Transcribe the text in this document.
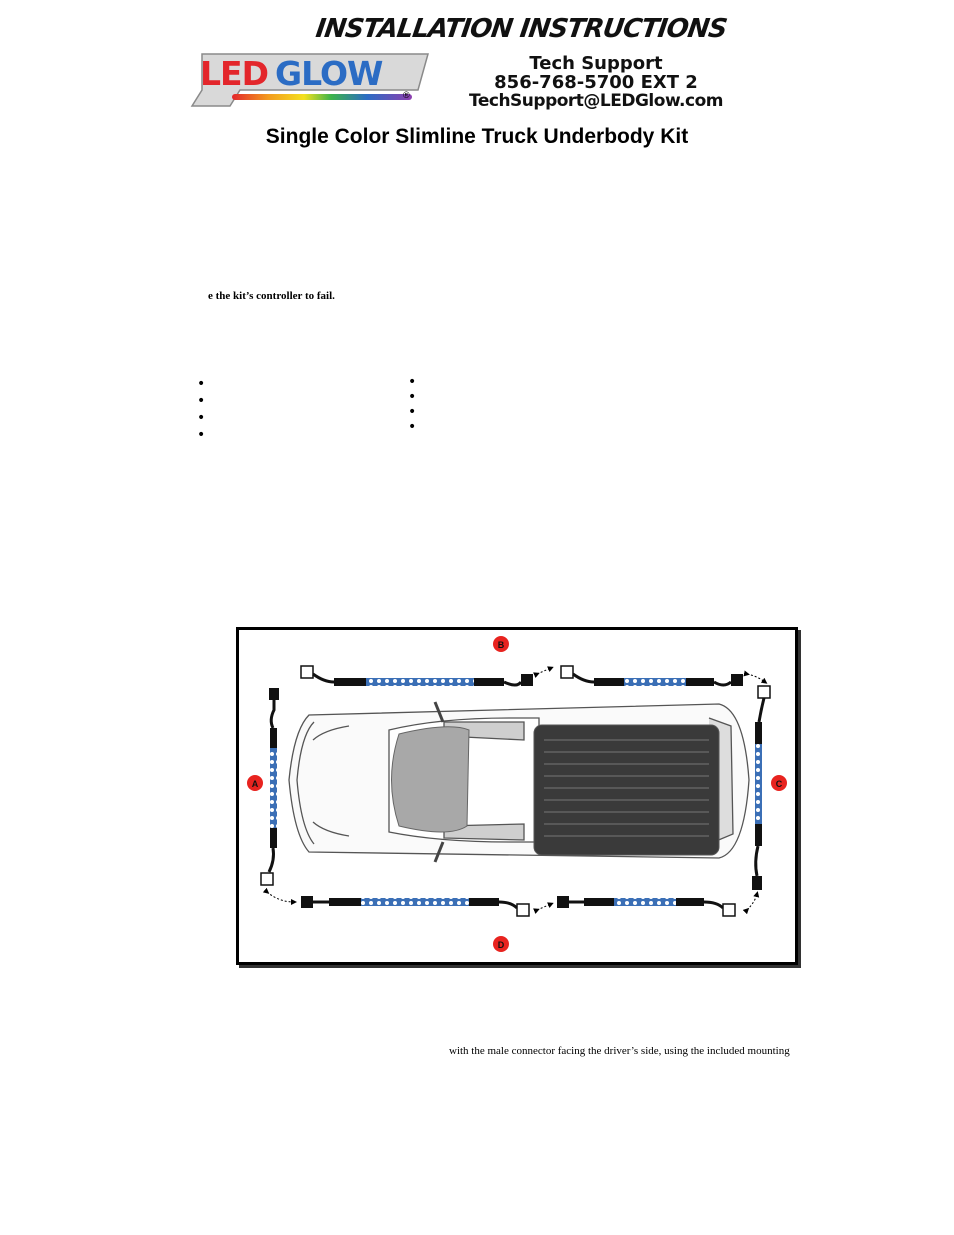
INSTALLATION INSTRUCTIONS
LED GLOW
®
Tech Support
856-768-5700 EXT 2
TechSupport@LEDGlow.com
Single Color Slimline Truck Underbody Kit
e the kit’s controller to fail.
•
•
•
•
•
•
•
•
B
A	C
D
with the male connector facing the driver’s side, using the included mounting
